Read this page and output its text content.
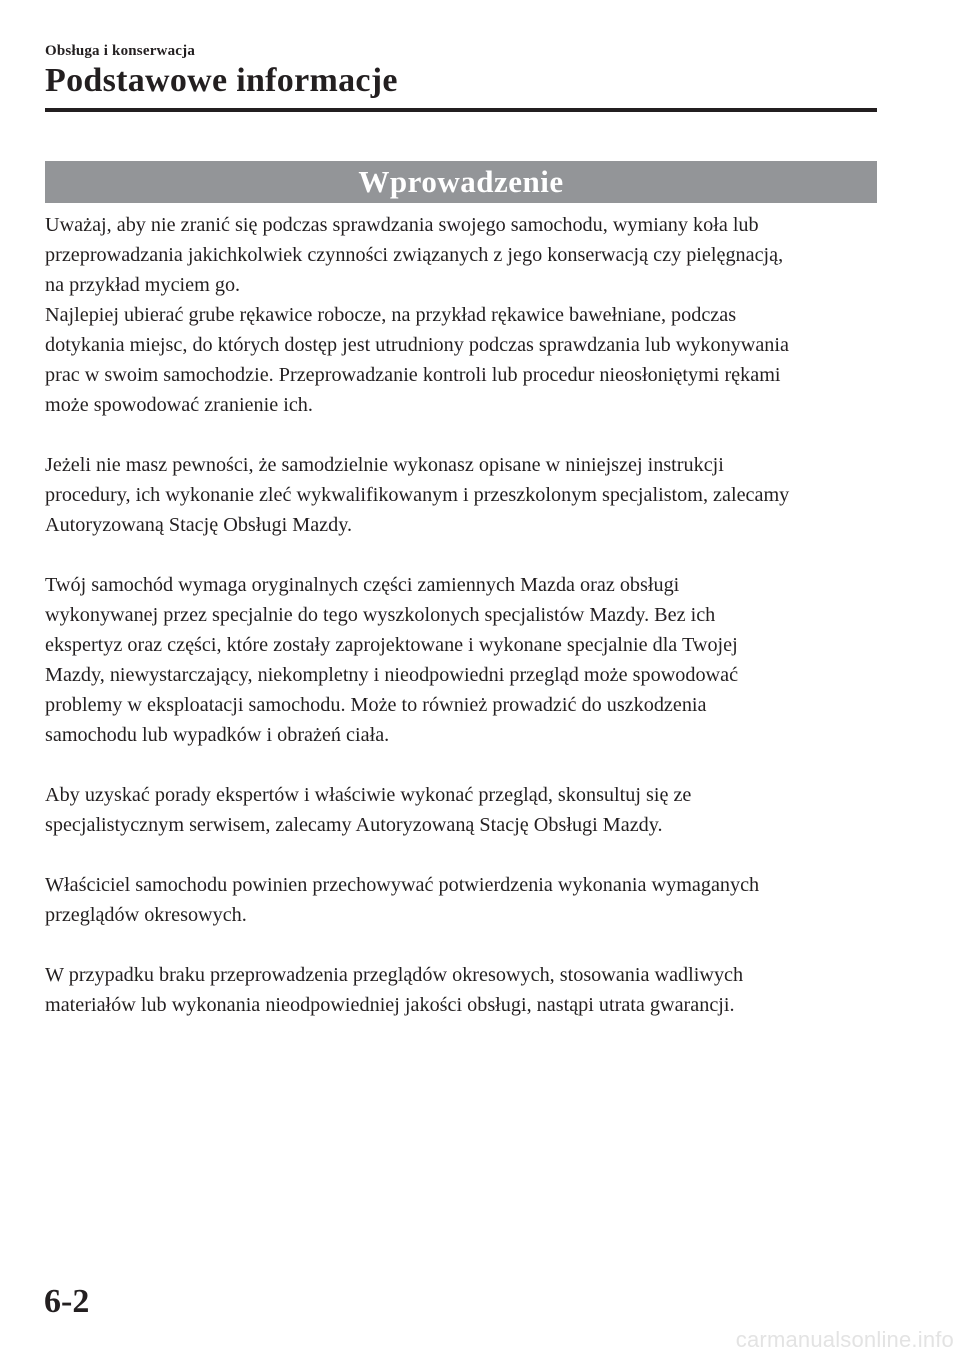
Obsługa i konserwacja
Podstawowe informacje
Wprowadzenie

Uważaj, aby nie zranić się podczas sprawdzania swojego samochodu, wymiany koła lub
przeprowadzania jakichkolwiek czynności związanych z jego konserwacją czy pielęgnacją,
na przykład myciem go.

Najlepiej ubierać grube rękawice robocze, na przykład rękawice bawełniane, podczas
dotykania miejsc, do których dostęp jest utrudniony podczas sprawdzania lub wykonywania
prac w swoim samochodzie. Przeprowadzanie kontroli lub procedur nieosłoniętymi rękami
może spowodować zranienie ich.

Jeżeli nie masz pewności, że samodzielnie wykonasz opisane w niniejszej instrukcji
procedury, ich wykonanie zleć wykwalifikowanym i przeszkolonym specjalistom, zalecamy
Autoryzowaną Stację Obsługi Mazdy.

Twój samochód wymaga oryginalnych części zamiennych Mazda oraz obsługi
wykonywanej przez specjalnie do tego wyszkolonych specjalistów Mazdy. Bez ich
ekspertyz oraz części, które zostały zaprojektowane i wykonane specjalnie dla Twojej
Mazdy, niewystarczający, niekompletny i nieodpowiedni przegląd może spowodować
problemy w eksploatacji samochodu. Może to również prowadzić do uszkodzenia
samochodu lub wypadków i obrażeń ciała.

Aby uzyskać porady ekspertów i właściwie wykonać przegląd, skonsultuj się ze
specjalistycznym serwisem, zalecamy Autoryzowaną Stację Obsługi Mazdy.

Właściciel samochodu powinien przechowywać potwierdzenia wykonania wymaganych
przeglądów okresowych.

W przypadku braku przeprowadzenia przeglądów okresowych, stosowania wadliwych
materiałów lub wykonania nieodpowiedniej jakości obsługi, nastąpi utrata gwarancji.

6-2
carmanualsonline.info
